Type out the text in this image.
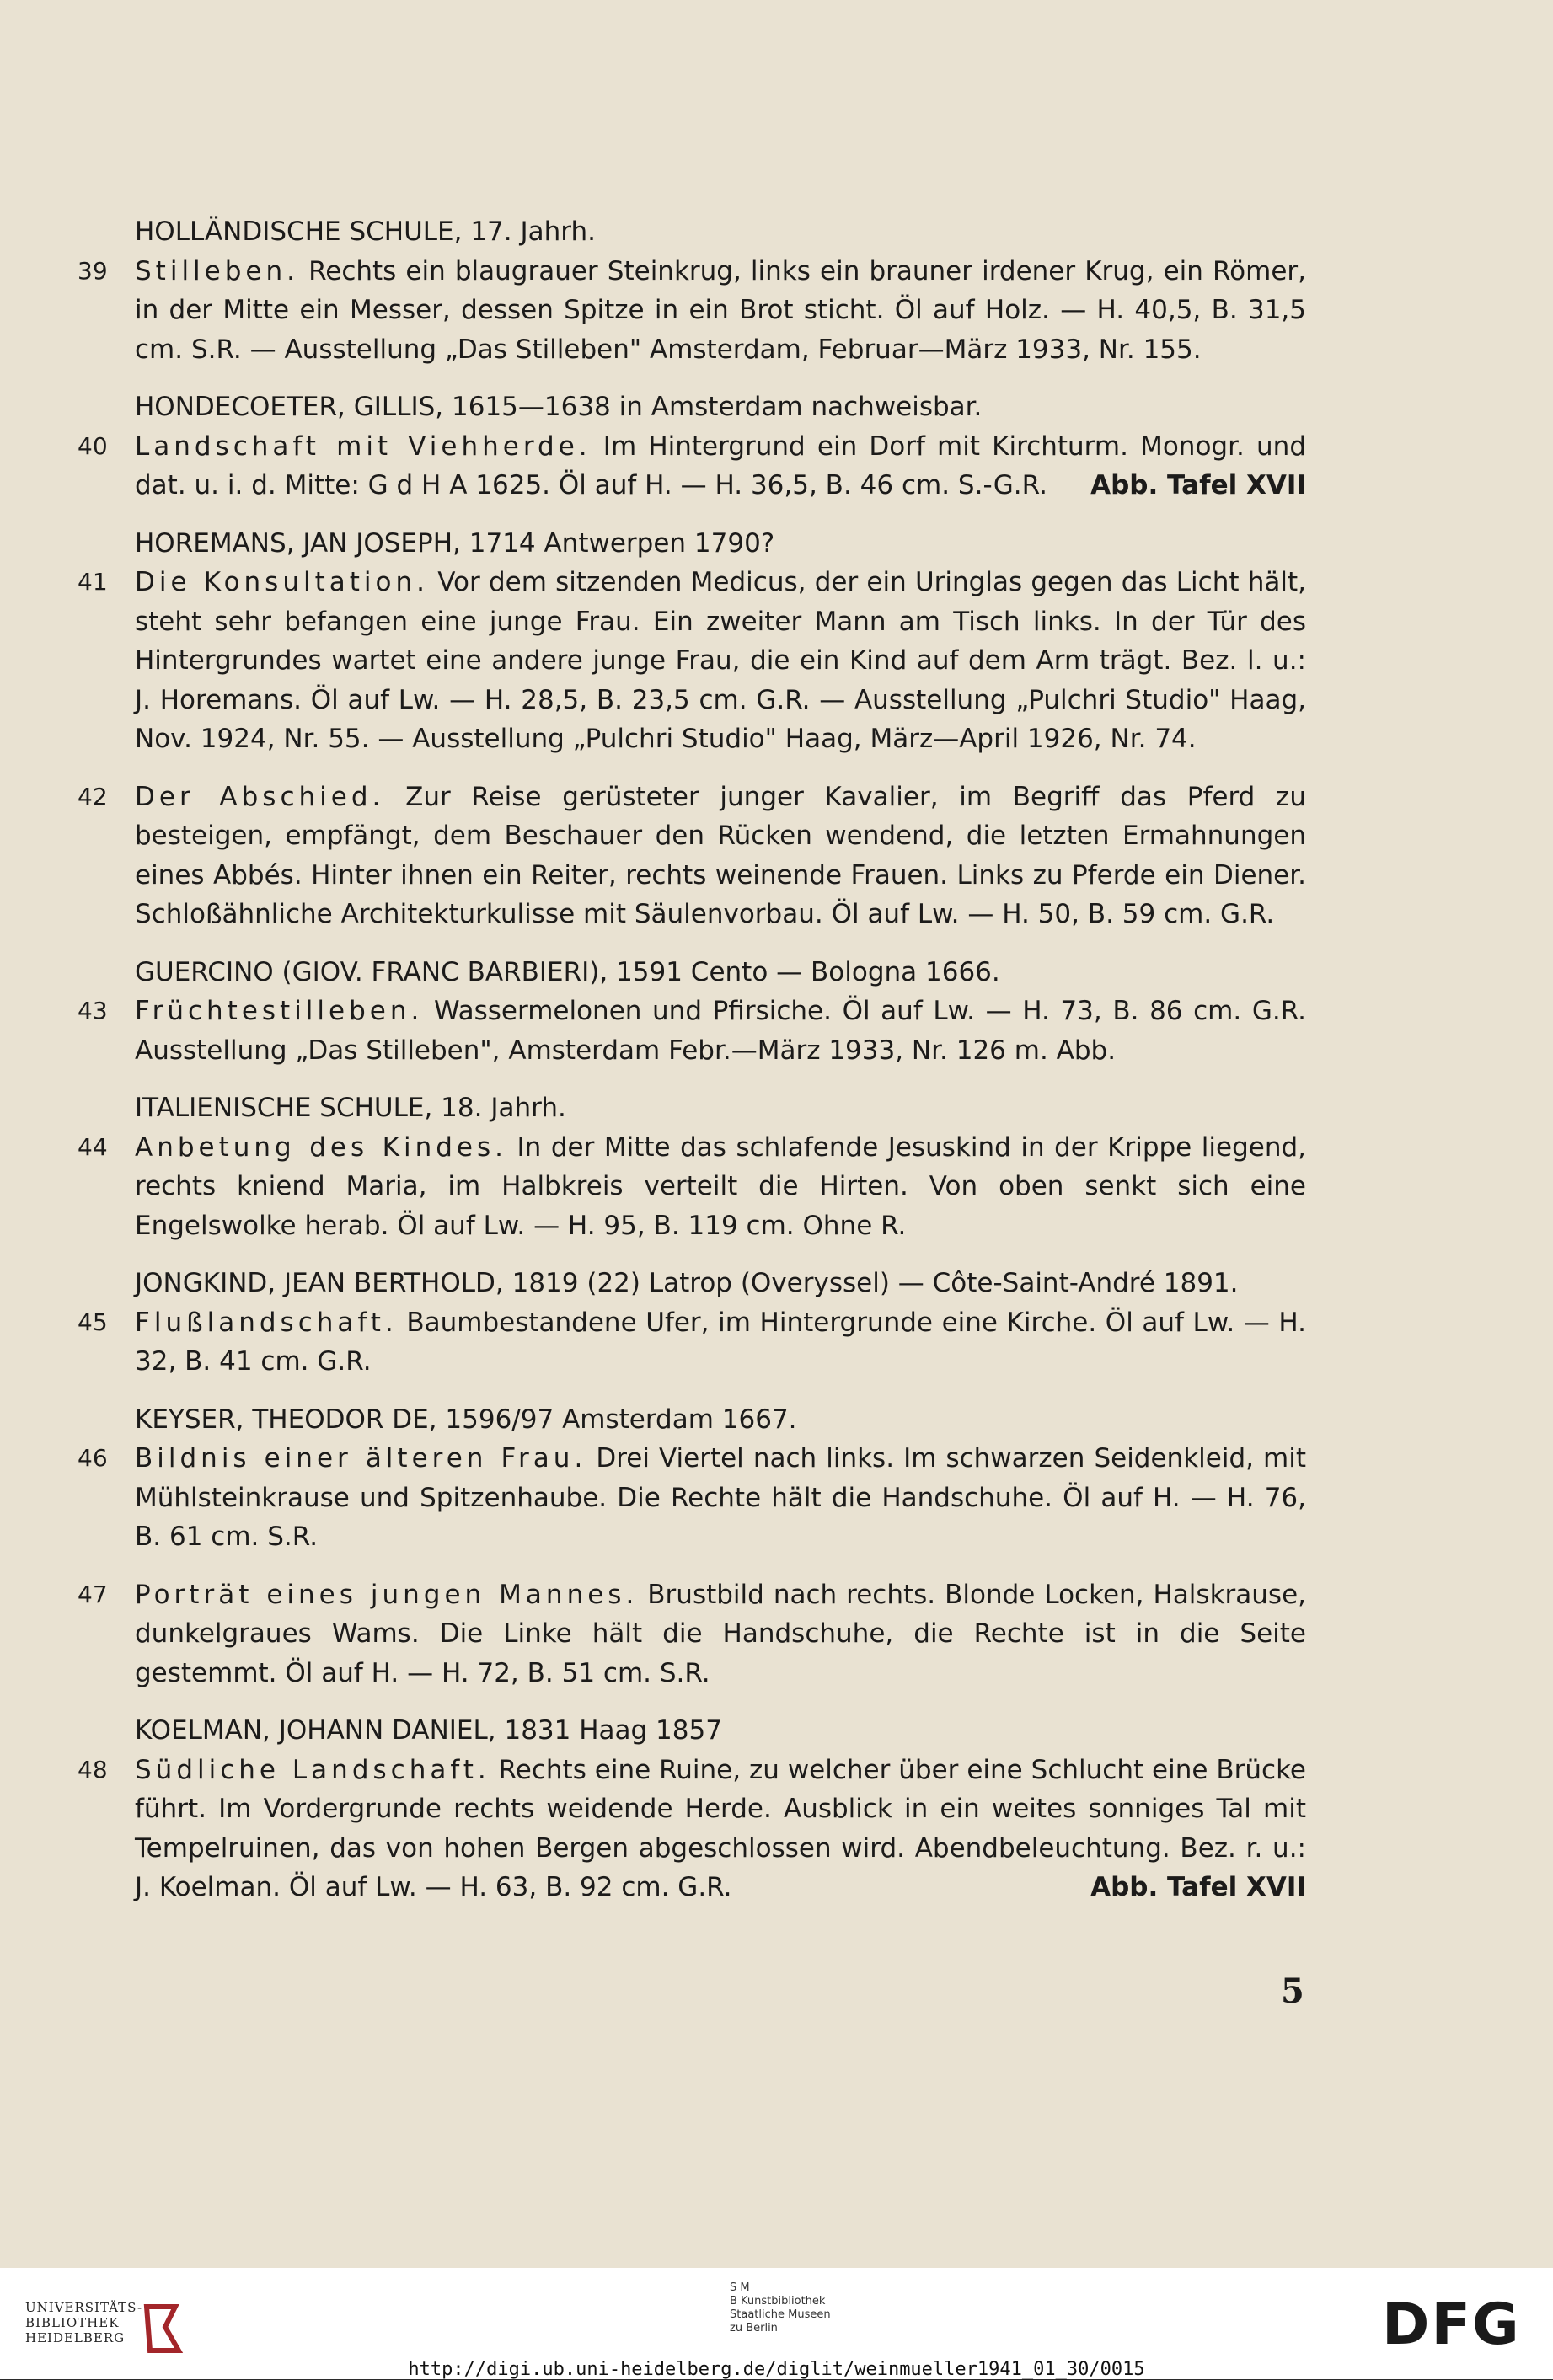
HOLLÄNDISCHE SCHULE, 17. Jahrh.
39 Stilleben. Rechts ein blaugrauer Steinkrug, links ein brauner irdener Krug, ein Römer, in der Mitte ein Messer, dessen Spitze in ein Brot sticht. Öl auf Holz. — H. 40,5, B. 31,5 cm. S.R. — Ausstellung „Das Stilleben" Amsterdam, Februar—März 1933, Nr. 155.
HONDECOETER, GILLIS, 1615—1638 in Amsterdam nachweisbar.
40 Landschaft mit Viehherde. Im Hintergrund ein Dorf mit Kirchturm. Monogr. und dat. u. i. d. Mitte: G d H A 1625. Öl auf H. — H. 36,5, B. 46 cm. S.-G.R. Abb. Tafel XVII
HOREMANS, JAN JOSEPH, 1714 Antwerpen 1790?
41 Die Konsultation. Vor dem sitzenden Medicus, der ein Uringlas gegen das Licht hält, steht sehr befangen eine junge Frau. Ein zweiter Mann am Tisch links. In der Tür des Hintergrundes wartet eine andere junge Frau, die ein Kind auf dem Arm trägt. Bez. l. u.: J. Horemans. Öl auf Lw. — H. 28,5, B. 23,5 cm. G.R. — Ausstellung „Pulchri Studio" Haag, Nov. 1924, Nr. 55. — Ausstellung „Pulchri Studio" Haag, März—April 1926, Nr. 74.
42 Der Abschied. Zur Reise gerüsteter junger Kavalier, im Begriff das Pferd zu besteigen, empfängt, dem Beschauer den Rücken wendend, die letzten Ermahnungen eines Abbés. Hinter ihnen ein Reiter, rechts weinende Frauen. Links zu Pferde ein Diener. Schloßähnliche Architekturkulisse mit Säulenvorbau. Öl auf Lw. — H. 50, B. 59 cm. G.R.
GUERCINO (GIOV. FRANC BARBIERI), 1591 Cento — Bologna 1666.
43 Früchtestilleben. Wassermelonen und Pfirsiche. Öl auf Lw. — H. 73, B. 86 cm. G.R. Ausstellung „Das Stilleben", Amsterdam Febr.—März 1933, Nr. 126 m. Abb.
ITALIENISCHE SCHULE, 18. Jahrh.
44 Anbetung des Kindes. In der Mitte das schlafende Jesuskind in der Krippe liegend, rechts kniend Maria, im Halbkreis verteilt die Hirten. Von oben senkt sich eine Engelswolke herab. Öl auf Lw. — H. 95, B. 119 cm. Ohne R.
JONGKIND, JEAN BERTHOLD, 1819 (22) Latrop (Overyssel) — Côte-Saint-André 1891.
45 Flußlandschaft. Baumbestandene Ufer, im Hintergrunde eine Kirche. Öl auf Lw. — H. 32, B. 41 cm. G.R.
KEYSER, THEODOR DE, 1596/97 Amsterdam 1667.
46 Bildnis einer älteren Frau. Drei Viertel nach links. Im schwarzen Seidenkleid, mit Mühlsteinkrause und Spitzenhaube. Die Rechte hält die Handschuhe. Öl auf H. — H. 76, B. 61 cm. S.R.
47 Porträt eines jungen Mannes. Brustbild nach rechts. Blonde Locken, Halskrause, dunkelgraues Wams. Die Linke hält die Handschuhe, die Rechte ist in die Seite gestemmt. Öl auf H. — H. 72, B. 51 cm. S.R.
KOELMAN, JOHANN DANIEL, 1831 Haag 1857
48 Südliche Landschaft. Rechts eine Ruine, zu welcher über eine Schlucht eine Brücke führt. Im Vordergrunde rechts weidende Herde. Ausblick in ein weites sonniges Tal mit Tempelruinen, das von hohen Bergen abgeschlossen wird. Abendbeleuchtung. Bez. r. u.: J. Koelman. Öl auf Lw. — H. 63, B. 92 cm. G.R.	Abb. Tafel XVII
5
UNIVERSITÄTS-
BIBLIOTHEK
HEIDELBERG
S M
B Kunstbibliothek
Staatliche Museen
zu Berlin	DFG
http://digi.ub.uni-heidelberg.de/diglit/weinmueller1941_01_30/0015
